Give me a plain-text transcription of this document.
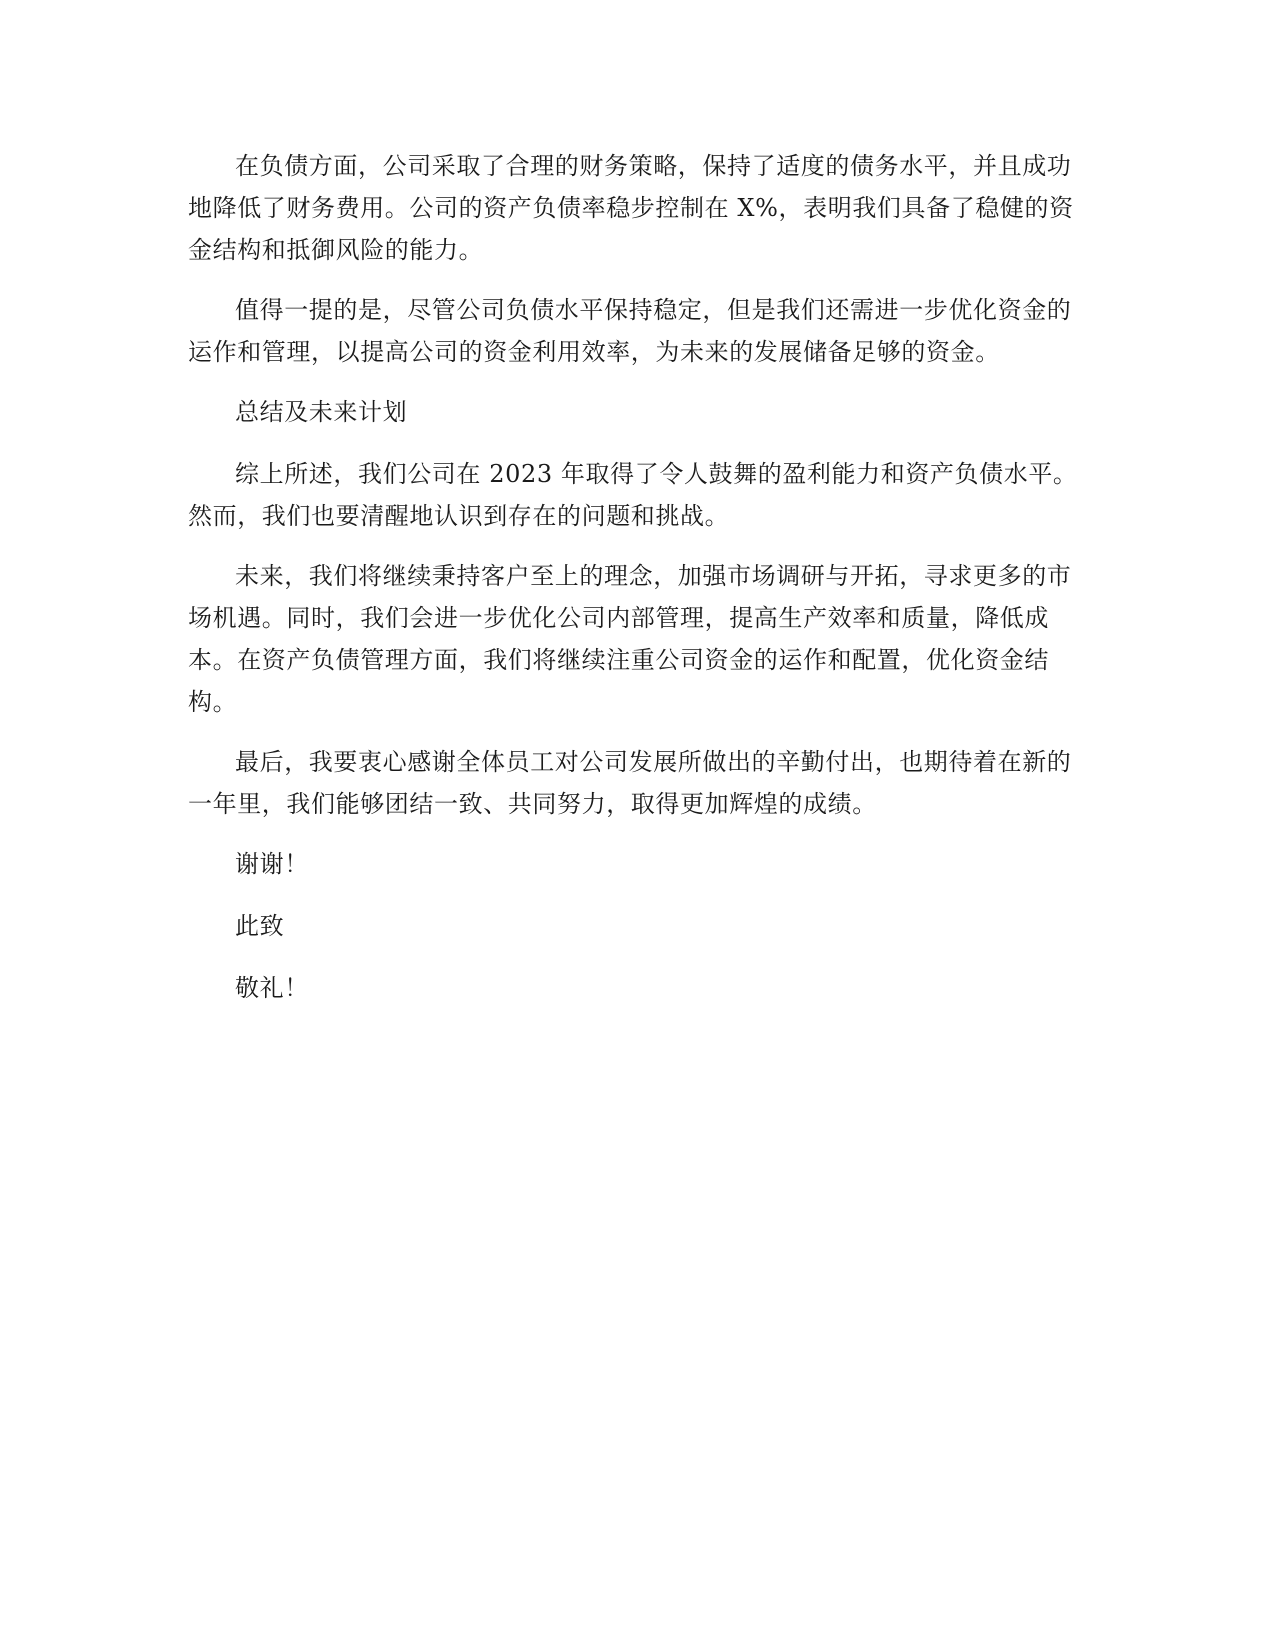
在负债方面，公司采取了合理的财务策略，保持了适度的债务水平，并且成功地降低了财务费用。公司的资产负债率稳步控制在 X%，表明我们具备了稳健的资金结构和抵御风险的能力。

值得一提的是，尽管公司负债水平保持稳定，但是我们还需进一步优化资金的运作和管理，以提高公司的资金利用效率，为未来的发展储备足够的资金。

总结及未来计划

综上所述，我们公司在 2023 年取得了令人鼓舞的盈利能力和资产负债水平。然而，我们也要清醒地认识到存在的问题和挑战。

未来，我们将继续秉持客户至上的理念，加强市场调研与开拓，寻求更多的市场机遇。同时，我们会进一步优化公司内部管理，提高生产效率和质量，降低成本。在资产负债管理方面，我们将继续注重公司资金的运作和配置，优化资金结构。

最后，我要衷心感谢全体员工对公司发展所做出的辛勤付出，也期待着在新的一年里，我们能够团结一致、共同努力，取得更加辉煌的成绩。

谢谢！

此致

敬礼！
